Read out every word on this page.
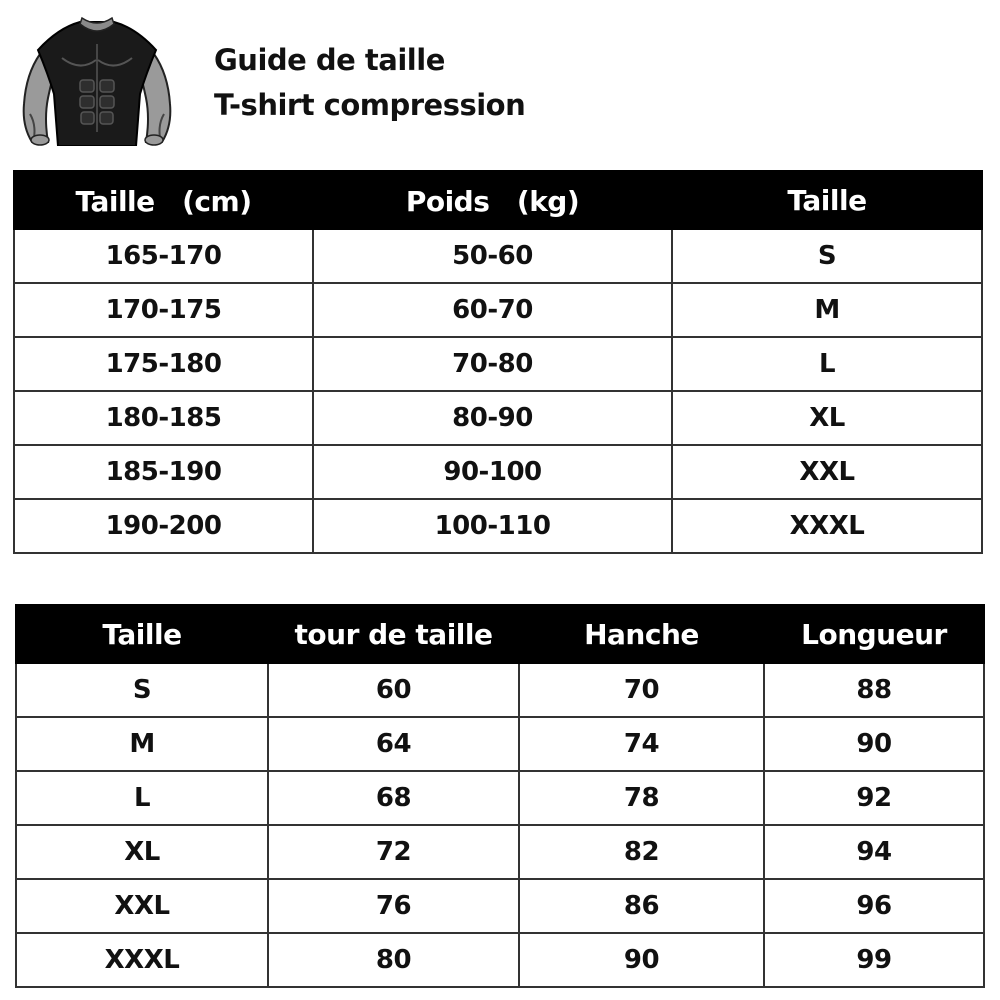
Guide de taille
T-shirt compression
Taille　(cm)	Poids　(kg)	Taille
165-170	50-60	S
170-175	60-70	M
175-180	70-80	L
180-185	80-90	XL
185-190	90-100	XXL
190-200	100-110	XXXL
Taille	tour de taille	Hanche	Longueur
S	60	70	88
M	64	74	90
L	68	78	92
XL	72	82	94
XXL	76	86	96
XXXL	80	90	99
